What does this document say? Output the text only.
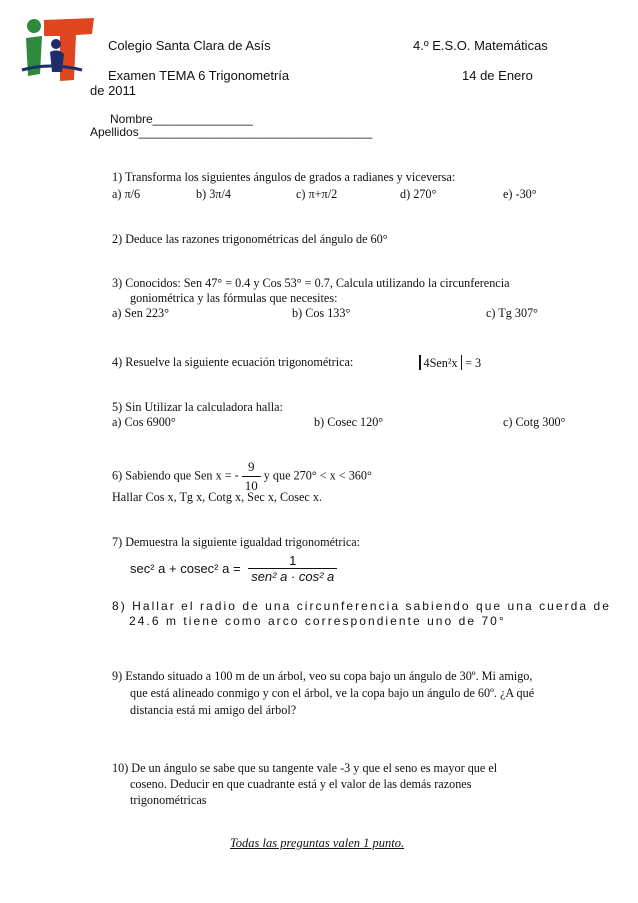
Colegio Santa Clara de Asís	4.º E.S.O. Matemáticas
Examen TEMA 6 Trigonometría	14 de Enero
de 2011
Nombre_______________
Apellidos___________________________________
1) Transforma los siguientes ángulos de grados a radianes y viceversa:
a) π/6	b) 3π/4	c) π+π/2	d) 270°	e) -30°
2) Deduce las razones trigonométricas del ángulo de 60°
3) Conocidos: Sen 47° = 0.4 y Cos 53° = 0.7, Calcula utilizando la circunferencia
goniométrica y las fórmulas que necesites:
a) Sen 223°	b) Cos 133°	c) Tg 307°
4) Resuelve la siguiente ecuación trigonométrica:	4Sen²x = 3
5) Sin Utilizar la calculadora halla:
a) Cos 6900°	b) Cosec 120°	c) Cotg 300°
6) Sabiendo que Sen x = - $\frac{9}{10}$ y que 270° < x < 360°
Hallar Cos x, Tg x, Cotg x, Sec x, Cosec x.
7) Demuestra la siguiente igualdad trigonométrica:
sec² a + cosec² $a = \frac{1}{\text{sen² a · cos² a}}$
8) Hallar el radio de una circunferencia sabiendo que una cuerda de
24.6 m tiene como arco correspondiente uno de 70°
9) Estando situado a 100 m de un árbol, veo su copa bajo un ángulo de 30º. Mi amigo,
que está alineado conmigo y con el árbol, ve la copa bajo un ángulo de 60º. ¿A qué
distancia está mi amigo del árbol?
10) De un ángulo se sabe que su tangente vale -3 y que el seno es mayor que el
coseno. Deducir en que cuadrante está y el valor de las demás razones
trigonométricas
Todas las preguntas valen 1 punto.
